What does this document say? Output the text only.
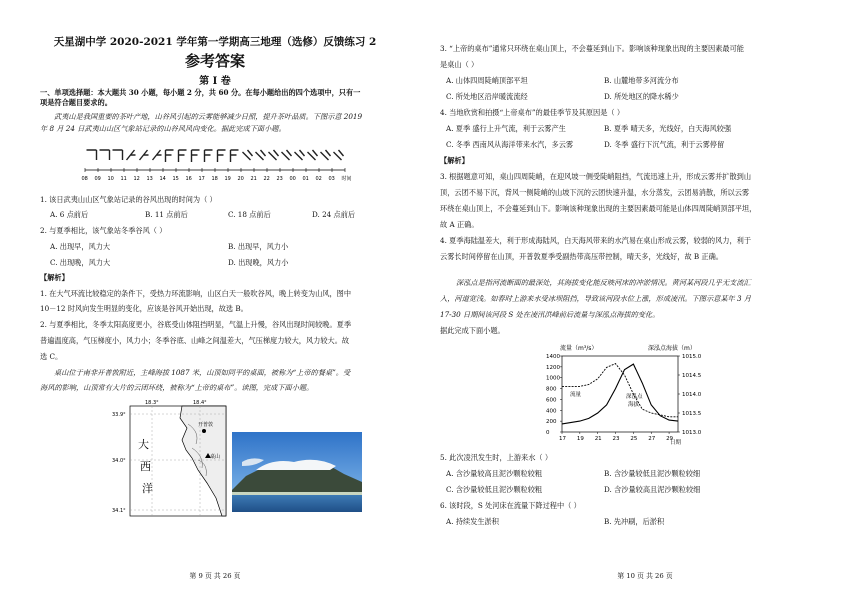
天星湖中学 2020-2021 学年第一学期高三地理（选修）反馈练习 2
参考答案
第 Ⅰ 卷
一、单项选择题：本大题共 30 小题，每小题 2 分，共 60 分。在每小题给出的四个选项中，只有一
项是符合题目要求的。
武夷山是我国重要的茶叶产地，山谷风引起的云雾能够减少日照，提升茶叶品质。下图示意 2019
年 8 月 24 日武夷山山区气象站记录的山谷风风向变化。据此完成下面小题。
08 09 10 11 12 13 14 15 16 17 18 19 20 21 22 23 00 01 02 03 时间
1. 该日武夷山山区气象站记录的谷风出现的时间为（ ）
A. 6 点前后	B. 11 点前后	C. 18 点前后	D. 24 点前后
2. 与夏季相比，该气象站冬季谷风（ ）
A. 出现早，风力大	B. 出现早，风力小
C. 出现晚，风力大	D. 出现晚，风力小
【解析】
1. 在大气环流比较稳定的条件下，受热力环流影响，山区白天一般吹谷风，晚上转变为山风，图中
10－12 时风向发生明显的变化，应该是谷风开始出现，故选 B。
2. 与夏季相比，冬季太阳高度更小，谷底受山体阻挡明显，气温上升慢，谷风出现时间较晚。夏季
普遍温度高，气压梯度小，风力小；冬季谷底、山峰之间温差大，气压梯度力较大，风力较大。故
选 C。
桌山位于南非开普敦附近，主峰海拔 1087 米，山顶如同平的桌面，被称为“上帝的餐桌”。受
海风的影响，山顶常有大片的云团环绕，被称为“上帝的桌布”。读图，完成下面小题。
18.3°	18.4°
33.9°
34.0°
34.1°
大
西
洋
开普敦
桌山
第 9 页 共 26 页
3. “上帝的桌布”通常只环绕在桌山顶上，不会蔓延到山下。影响该种现象出现的主要因素最可能
是桌山（ ）
A. 山体四周陡峭顶部平坦	B. 山麓地带多河流分布
C. 所处地区沿岸暖流流经	D. 所处地区的降水稀少
4. 当地欣赏和拍摄“上帝桌布”的最佳季节及其原因是（ ）
A. 夏季 盛行上升气流，利于云雾产生	B. 夏季 晴天多，光线好，白天海风较强
C. 冬季 西南风从海洋带来水汽，多云雾	D. 冬季 盛行下沉气流，利于云雾停留
【解析】
3. 根据题意可知，桌山四周陡峭，在迎风坡一侧受陡峭阻挡，气流迅速上升，形成云雾并扩散到山
顶，云团不易下沉，背风一侧陡峭的山坡下沉的云团快速升温，水分蒸发，云团易消散，所以云雾
环绕在桌山顶上，不会蔓延到山下。影响该种现象出现的主要因素最可能是山体四周陡峭顶部平坦，
故 A 正确。
4. 夏季海陆温差大，利于形成海陆风，白天海风带来的水汽易在桌山形成云雾，较弱的风力，利于
云雾长时间停留在山顶，开普敦夏季受副热带高压带控制，晴天多，光线好，故 B 正确。
深泓点是指河流断面的最深处，其海拔变化能反映河床的冲淤情况。黄河某河段几乎无支流汇
入，河道宽浅。如春时上游来水受冰坝阻挡，导致该河段水位上涨，形成凌汛。下图示意某年 3 月
17-30 日期间该河段 S 处在凌汛洪峰前后流量与深泓点海拔的变化。
据此完成下面小题。
流量（m³/s）	深泓点海拔（m）
日期
流量	深泓点
海拔
0
200
400
600
800
1000
1200
1400
1013.0
1013.5
1014.0
1014.5
1015.0
17 19 21 23 25 27 29
5. 此次凌汛发生时，上游来水（ ）
A. 含沙量较高且泥沙颗粒较粗	B. 含沙量较低且泥沙颗粒较细
C. 含沙量较低且泥沙颗粒较粗	D. 含沙量较高且泥沙颗粒较细
6. 该时段，S 处河床在流量下降过程中（ ）
A. 持续发生淤积	B. 先冲刷，后淤积
第 10 页 共 26 页
